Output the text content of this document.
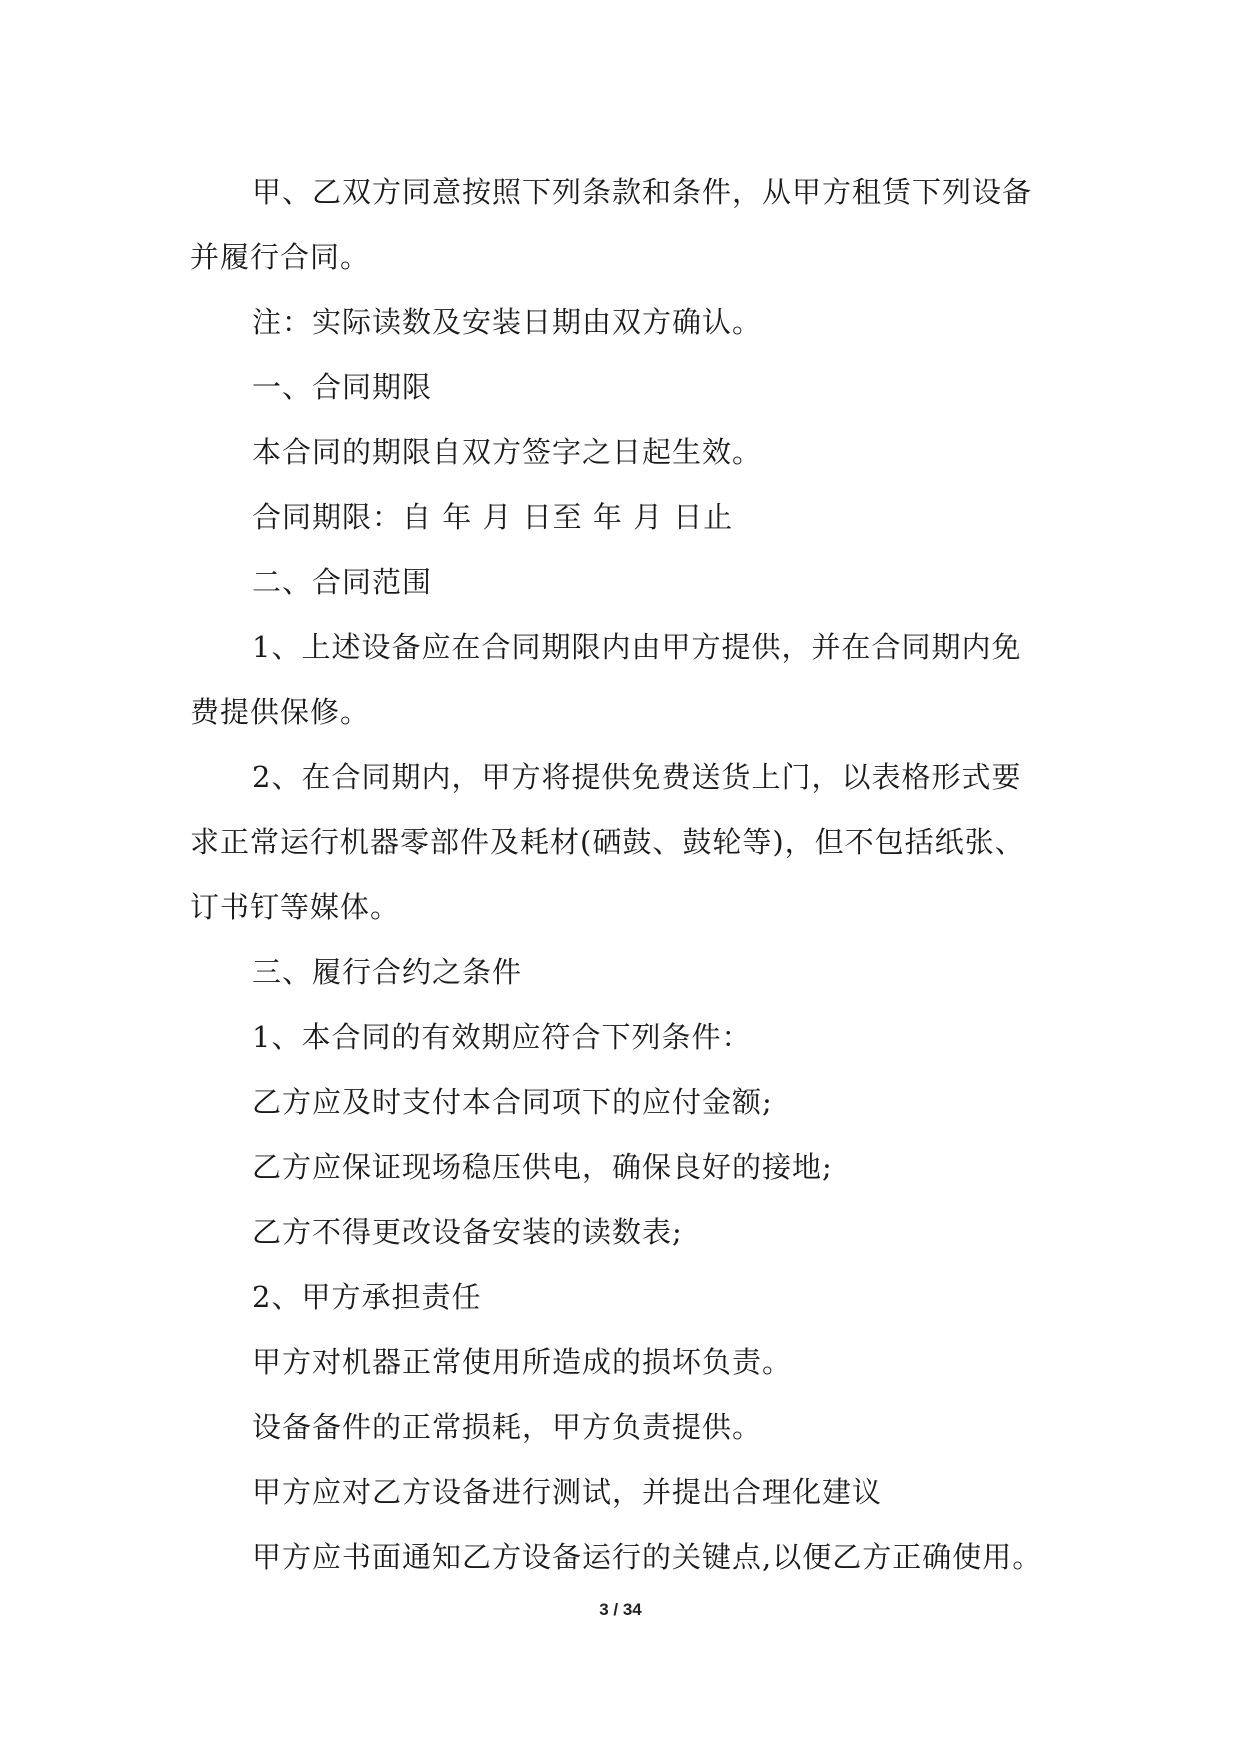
甲、乙双方同意按照下列条款和条件，从甲方租赁下列设备
并履行合同。
注：实际读数及安装日期由双方确认。
一、合同期限
本合同的期限自双方签字之日起生效。
合同期限：自 年 月 日至 年 月 日止
二、合同范围
1、上述设备应在合同期限内由甲方提供，并在合同期内免
费提供保修。
2、在合同期内，甲方将提供免费送货上门，以表格形式要
求正常运行机器零部件及耗材(硒鼓、鼓轮等)，但不包括纸张、
订书钉等媒体。
三、履行合约之条件
1、本合同的有效期应符合下列条件：
乙方应及时支付本合同项下的应付金额;
乙方应保证现场稳压供电，确保良好的接地;
乙方不得更改设备安装的读数表;
2、甲方承担责任
甲方对机器正常使用所造成的损坏负责。
设备备件的正常损耗，甲方负责提供。
甲方应对乙方设备进行测试，并提出合理化建议
甲方应书面通知乙方设备运行的关键点,以便乙方正确使用。
3 / 34
